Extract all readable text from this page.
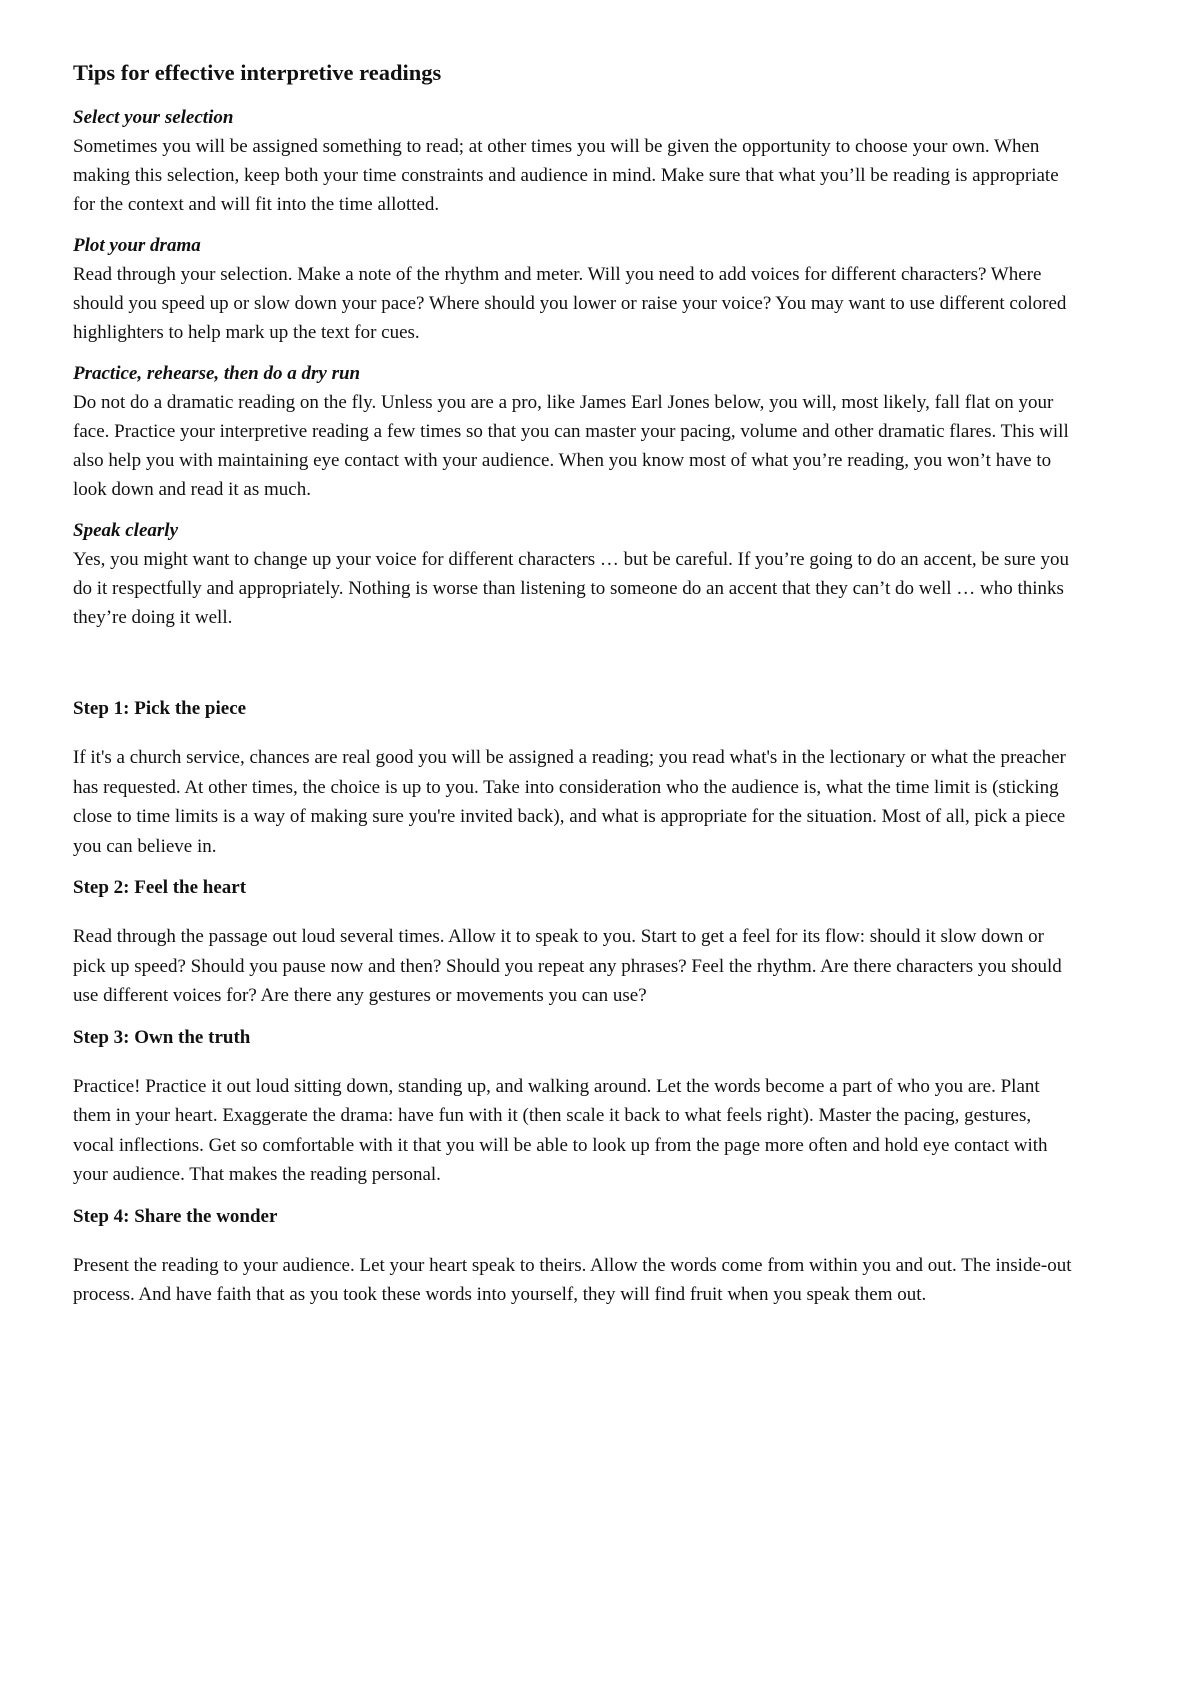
Tips for effective interpretive readings

Select your selection

Sometimes you will be assigned something to read; at other times you will be given the opportunity to choose your own. When making this selection, keep both your time constraints and audience in mind. Make sure that what you’ll be reading is appropriate for the context and will fit into the time allotted.

Plot your drama

Read through your selection. Make a note of the rhythm and meter. Will you need to add voices for different characters? Where should you speed up or slow down your pace? Where should you lower or raise your voice? You may want to use different colored highlighters to help mark up the text for cues.

Practice, rehearse, then do a dry run

Do not do a dramatic reading on the fly. Unless you are a pro, like James Earl Jones below, you will, most likely, fall flat on your face. Practice your interpretive reading a few times so that you can master your pacing, volume and other dramatic flares. This will also help you with maintaining eye contact with your audience. When you know most of what you’re reading, you won’t have to look down and read it as much.

Speak clearly

Yes, you might want to change up your voice for different characters … but be careful. If you’re going to do an accent, be sure you do it respectfully and appropriately. Nothing is worse than listening to someone do an accent that they can’t do well … who thinks they’re doing it well.

Step 1: Pick the piece

If it's a church service, chances are real good you will be assigned a reading; you read what's in the lectionary or what the preacher has requested. At other times, the choice is up to you. Take into consideration who the audience is, what the time limit is (sticking close to time limits is a way of making sure you're invited back), and what is appropriate for the situation. Most of all, pick a piece you can believe in.

Step 2: Feel the heart

Read through the passage out loud several times. Allow it to speak to you. Start to get a feel for its flow: should it slow down or pick up speed? Should you pause now and then? Should you repeat any phrases? Feel the rhythm. Are there characters you should use different voices for? Are there any gestures or movements you can use?

Step 3: Own the truth

Practice! Practice it out loud sitting down, standing up, and walking around. Let the words become a part of who you are. Plant them in your heart. Exaggerate the drama: have fun with it (then scale it back to what feels right). Master the pacing, gestures, vocal inflections. Get so comfortable with it that you will be able to look up from the page more often and hold eye contact with your audience. That makes the reading personal.

Step 4: Share the wonder

Present the reading to your audience. Let your heart speak to theirs. Allow the words come from within you and out. The inside-out process. And have faith that as you took these words into yourself, they will find fruit when you speak them out.
